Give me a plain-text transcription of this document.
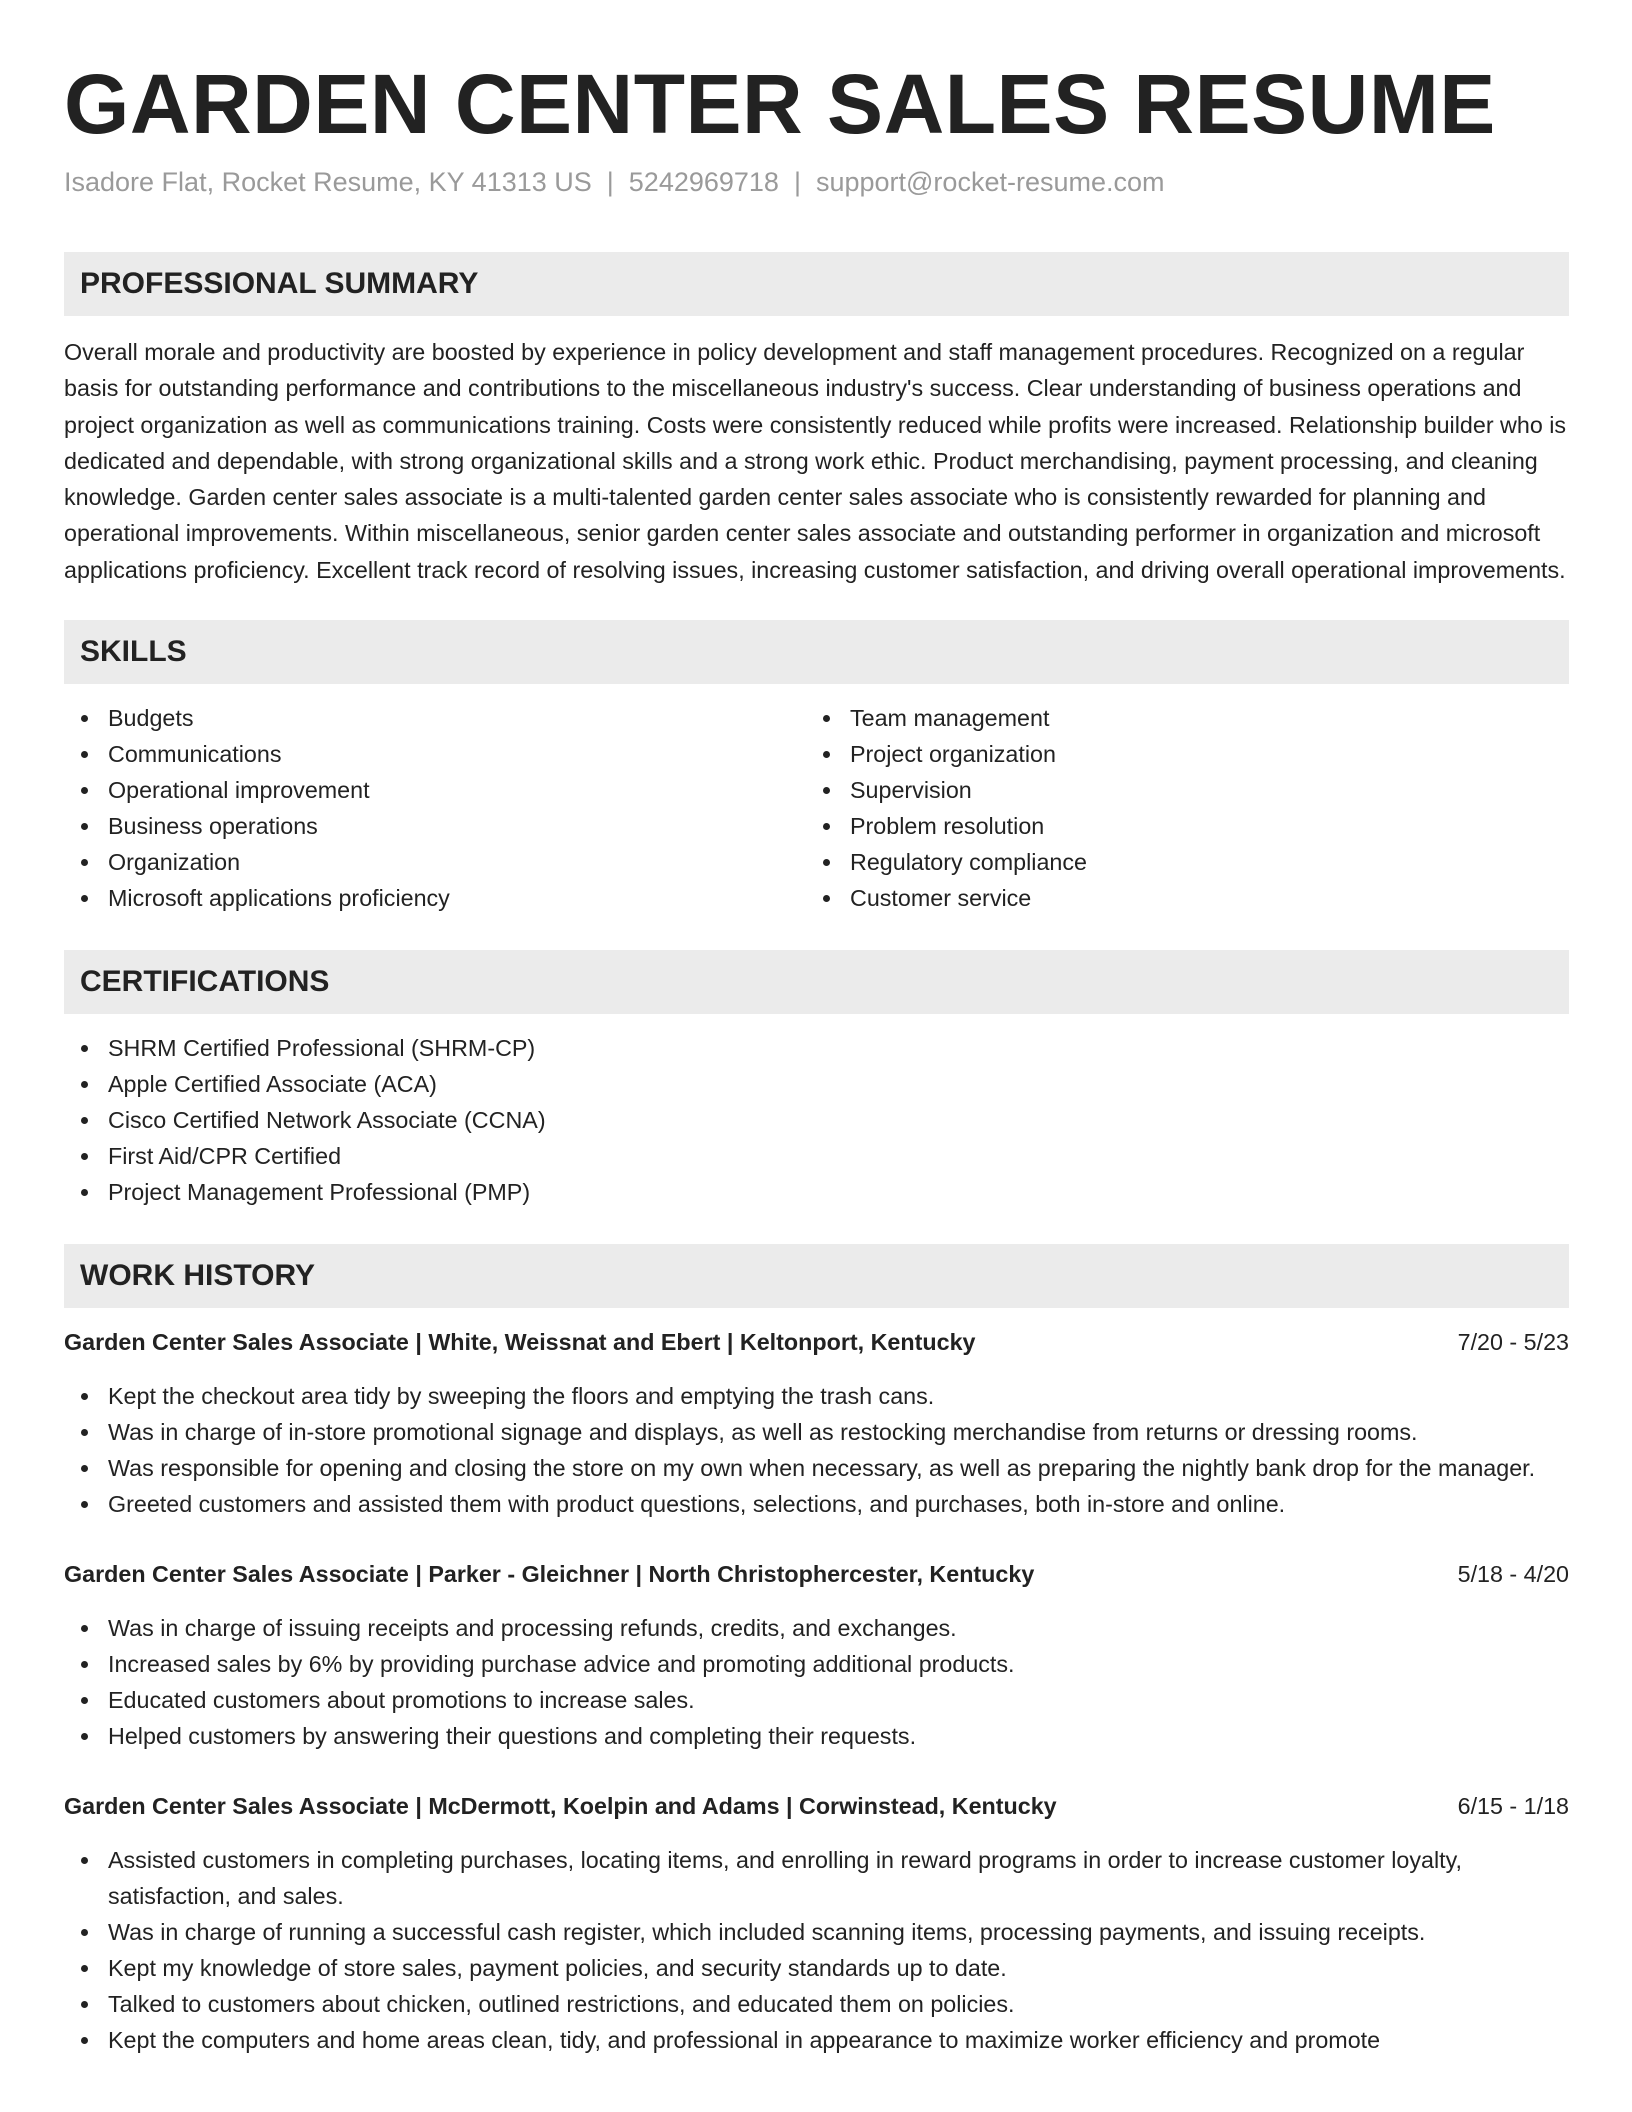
GARDEN CENTER SALES RESUME
Isadore Flat, Rocket Resume, KY 41313 US | 5242969718 | support@rocket-resume.com
PROFESSIONAL SUMMARY

Overall morale and productivity are boosted by experience in policy development and staff management procedures. Recognized on a regular basis for outstanding performance and contributions to the miscellaneous industry's success. Clear understanding of business operations and project organization as well as communications training. Costs were consistently reduced while profits were increased. Relationship builder who is dedicated and dependable, with strong organizational skills and a strong work ethic. Product merchandising, payment processing, and cleaning knowledge. Garden center sales associate is a multi-talented garden center sales associate who is consistently rewarded for planning and operational improvements. Within miscellaneous, senior garden center sales associate and outstanding performer in organization and microsoft applications proficiency. Excellent track record of resolving issues, increasing customer satisfaction, and driving overall operational improvements.

SKILLS
Budgets
Communications
Operational improvement
Business operations
Organization
Microsoft applications proficiency
Team management
Project organization
Supervision
Problem resolution
Regulatory compliance
Customer service
CERTIFICATIONS
SHRM Certified Professional (SHRM-CP)
Apple Certified Associate (ACA)
Cisco Certified Network Associate (CCNA)
First Aid/CPR Certified
Project Management Professional (PMP)
WORK HISTORY
Garden Center Sales Associate | White, Weissnat and Ebert | Keltonport, Kentucky	7/20 - 5/23
Kept the checkout area tidy by sweeping the floors and emptying the trash cans.
Was in charge of in-store promotional signage and displays, as well as restocking merchandise from returns or dressing rooms.
Was responsible for opening and closing the store on my own when necessary, as well as preparing the nightly bank drop for the manager.
Greeted customers and assisted them with product questions, selections, and purchases, both in-store and online.
Garden Center Sales Associate | Parker - Gleichner | North Christophercester, Kentucky	5/18 - 4/20
Was in charge of issuing receipts and processing refunds, credits, and exchanges.
Increased sales by 6% by providing purchase advice and promoting additional products.
Educated customers about promotions to increase sales.
Helped customers by answering their questions and completing their requests.
Garden Center Sales Associate | McDermott, Koelpin and Adams | Corwinstead, Kentucky	6/15 - 1/18
Assisted customers in completing purchases, locating items, and enrolling in reward programs in order to increase customer loyalty, satisfaction, and sales.
Was in charge of running a successful cash register, which included scanning items, processing payments, and issuing receipts.
Kept my knowledge of store sales, payment policies, and security standards up to date.
Talked to customers about chicken, outlined restrictions, and educated them on policies.
Kept the computers and home areas clean, tidy, and professional in appearance to maximize worker efficiency and promote
